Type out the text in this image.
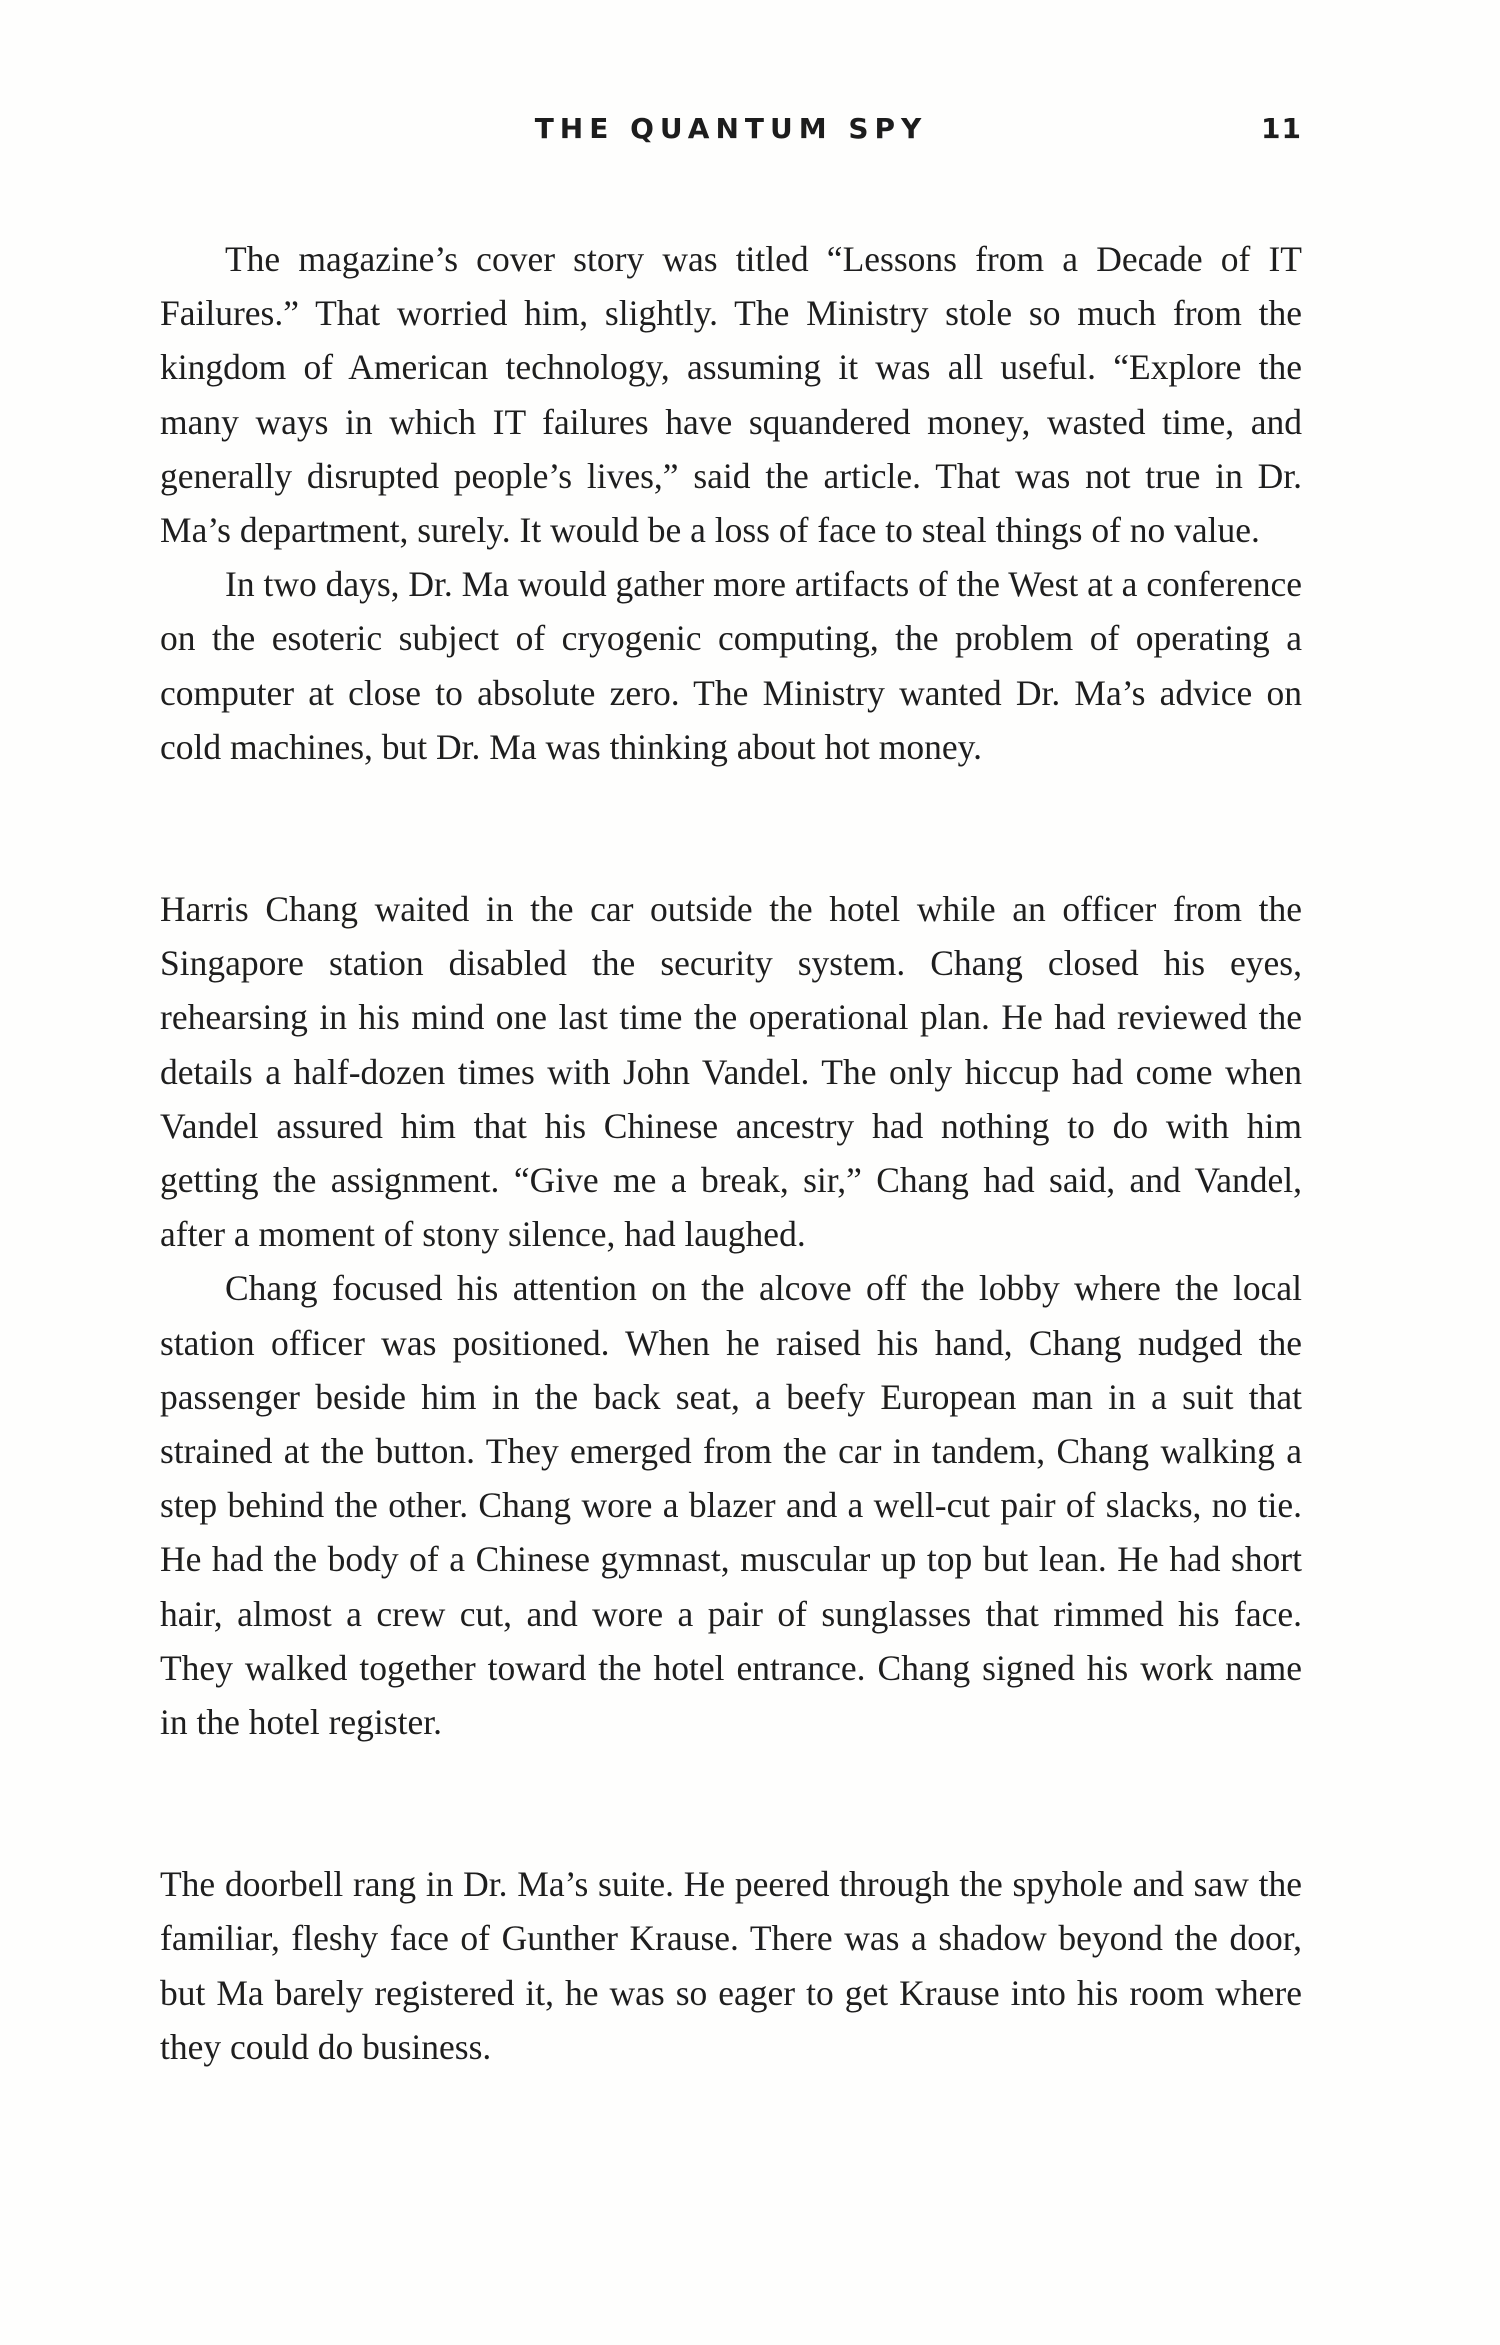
THE QUANTUM SPY	11

The magazine’s cover story was titled “Lessons from a Decade of IT Failures.” That worried him, slightly. The Ministry stole so much from the kingdom of American technology, assuming it was all useful. “Explore the many ways in which IT failures have squandered money, wasted time, and generally disrupted people’s lives,” said the article. That was not true in Dr. Ma’s department, surely. It would be a loss of face to steal things of no value.

In two days, Dr. Ma would gather more artifacts of the West at a conference on the esoteric subject of cryogenic computing, the problem of operating a computer at close to absolute zero. The Ministry wanted Dr. Ma’s advice on cold machines, but Dr. Ma was thinking about hot money.

Harris Chang waited in the car outside the hotel while an officer from the Singapore station disabled the security system. Chang closed his eyes, rehearsing in his mind one last time the operational plan. He had reviewed the details a half-dozen times with John Vandel. The only hiccup had come when Vandel assured him that his Chinese ancestry had nothing to do with him getting the assignment. “Give me a break, sir,” Chang had said, and Vandel, after a moment of stony silence, had laughed.

Chang focused his attention on the alcove off the lobby where the local station officer was positioned. When he raised his hand, Chang nudged the passenger beside him in the back seat, a beefy European man in a suit that strained at the button. They emerged from the car in tandem, Chang walking a step behind the other. Chang wore a blazer and a well-cut pair of slacks, no tie. He had the body of a Chinese gymnast, muscular up top but lean. He had short hair, almost a crew cut, and wore a pair of sunglasses that rimmed his face. They walked together toward the hotel entrance. Chang signed his work name in the hotel register.

The doorbell rang in Dr. Ma’s suite. He peered through the spyhole and saw the familiar, fleshy face of Gunther Krause. There was a shadow beyond the door, but Ma barely registered it, he was so eager to get Krause into his room where they could do business.
